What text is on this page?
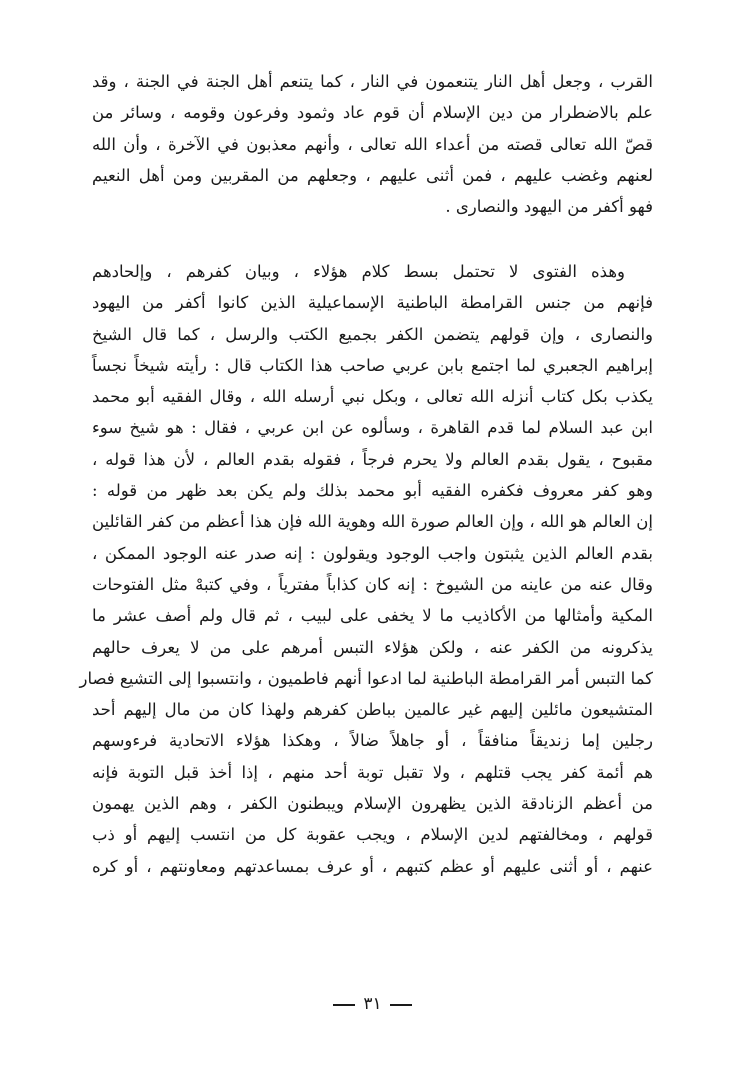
القرب ، وجعل أهل النار يتنعمون في النار ، كما يتنعم أهل الجنة في الجنة ، وقد
علم بالاضطرار من دين الإسلام أن قوم عاد وثمود وفرعون وقومه ، وسائر من
قصّ الله تعالى قصته من أعداء الله تعالى ، وأنهم معذبون في الآخرة ، وأن الله
لعنهم وغضب عليهم ، فمن أثنى عليهم ، وجعلهم من المقربين ومن أهل النعيم
فهو أكفر من اليهود والنصارى .
وهذه الفتوى لا تحتمل بسط كلام هؤلاء ، وبيان كفرهم ، وإلحادهم
فإنهم من جنس القرامطة الباطنية الإسماعيلية الذين كانوا أكفر من اليهود
والنصارى ، وإن قولهم يتضمن الكفر بجميع الكتب والرسل ، كما قال الشيخ
إبراهيم الجعبري لما اجتمع بابن عربي صاحب هذا الكتاب قال : رأيته شيخاً نجساً
يكذب بكل كتاب أنزله الله تعالى ، وبكل نبي أرسله الله ، وقال الفقيه أبو محمد
ابن عبد السلام لما قدم القاهرة ، وسألوه عن ابن عربي ، فقال : هو شيخ سوء
مقبوح ، يقول بقدم العالم ولا يحرم فرجاً ، فقوله بقدم العالم ، لأن هذا قوله ،
وهو كفر معروف فكفره الفقيه أبو محمد بذلك ولم يكن بعد ظهر من قوله :
إن العالم هو الله ، وإن العالم صورة الله وهوية الله فإن هذا أعظم من كفر القائلين
بقدم العالم الذين يثبتون واجب الوجود ويقولون : إنه صدر عنه الوجود الممكن ،
وقال عنه من عاينه من الشيوخ : إنه كان كذاباً مفترياً ، وفي كتبهْ مثل الفتوحات
المكية وأمثالها من الأكاذيب ما لا يخفى على لبيب ، ثم قال ولم أصف عشر ما
يذكرونه من الكفر عنه ، ولكن هؤلاء التبس أمرهم على من لا يعرف حالهم
كما التبس أمر القرامطة الباطنية لما ادعوا أنهم فاطميون ، وانتسبوا إلى التشيع فصار
المتشيعون مائلين إليهم غير عالمين بباطن كفرهم ولهذا كان من مال إليهم أحد
رجلين إما زنديقاً منافقاً ، أو جاهلاً ضالاً ، وهكذا هؤلاء الاتحادية فرءوسهم
هم أئمة كفر يجب قتلهم ، ولا تقبل توبة أحد منهم ، إذا أخذ قبل التوبة فإنه
من أعظم الزنادقة الذين يظهرون الإسلام ويبطنون الكفر ، وهم الذين يهمون
قولهم ، ومخالفتهم لدين الإسلام ، ويجب عقوبة كل من انتسب إليهم أو ذب
عنهم ، أو أثنى عليهم أو عظم كتبهم ، أو عرف بمساعدتهم ومعاونتهم ، أو كره
٣١
